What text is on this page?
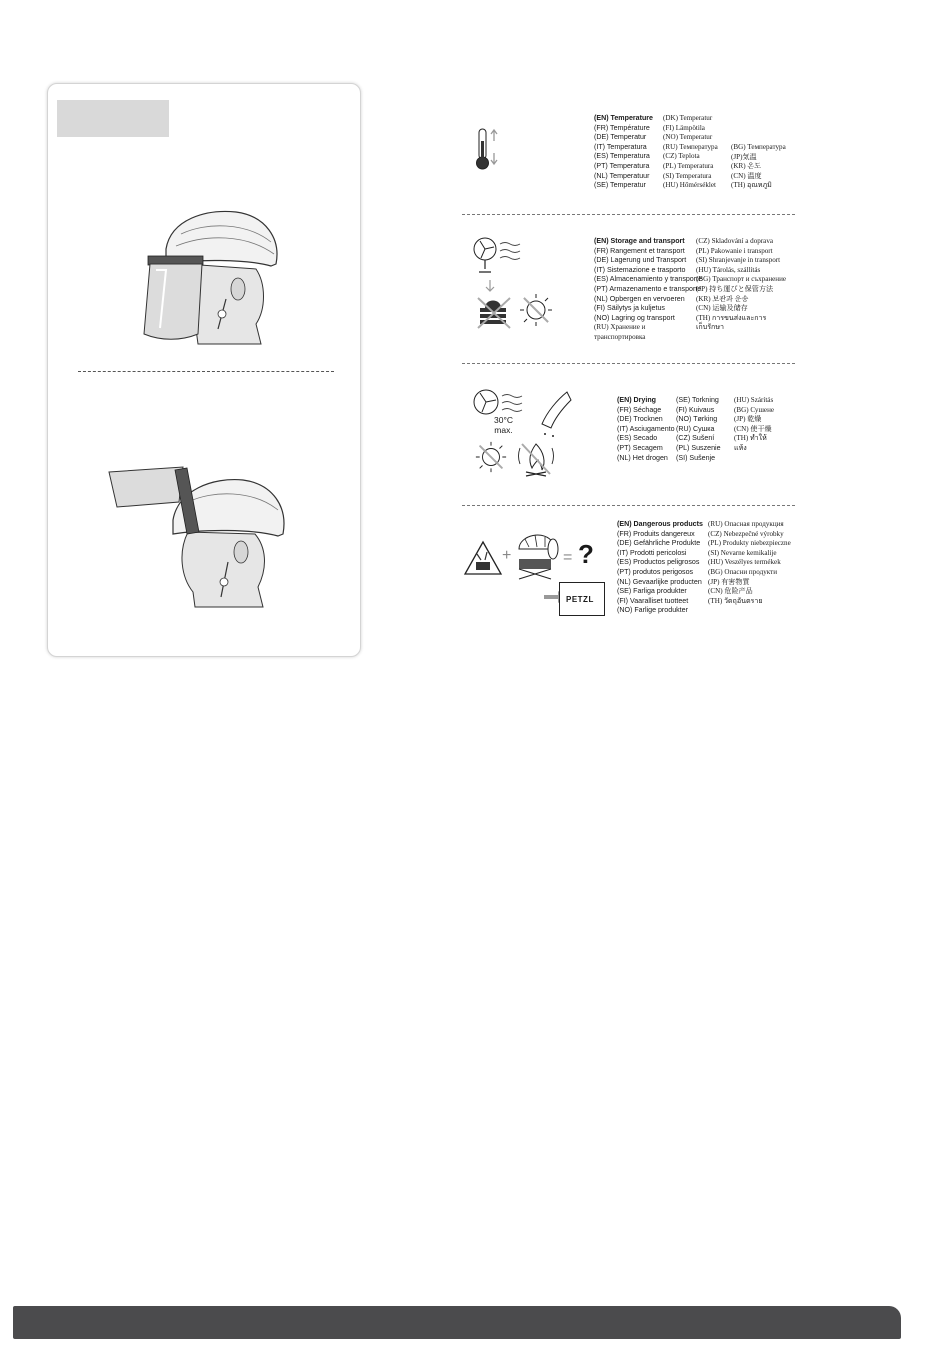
(EN) Temperature
(FR) Température
(DE) Temperatur
(IT) Temperatura
(ES) Temperatura
(PT) Temperatura
(NL) Temperatuur
(SE) Temperatur
(DK) Temperatur
(FI) Lämpötila
(NO) Temperatur
(RU) Температура
(CZ) Teplota
(PL) Temperatura
(SI) Temperatura
(HU) Hőmérséklet
(BG) Температура
(JP)気温
(KR) 온도
(CN) 温度
(TH) อุณหภูมิ
(EN) Storage and transport
(FR) Rangement et transport
(DE) Lagerung und Transport
(IT) Sistemazione e trasporto
(ES) Almacenamiento y transporte
(PT) Armazenamento e transporte
(NL) Opbergen en vervoeren
(FI) Säilytys ja kuljetus
(NO) Lagring og transport
(RU) Хранение и
транспортировка
(CZ) Skladování a doprava
(PL) Pakowanie i transport
(SI) Shranjevanje in transport
(HU) Tárolás, szállítás
(BG) Транспорт и съхранение
(JP) 持ち運びと保管方法
(KR) 보관과 운송
(CN) 运输及储存
(TH) การขนส่งและการ
เก็บรักษา
30°C
max.
(EN) Drying
(FR) Séchage
(DE) Trocknen
(IT) Asciugamento
(ES) Secado
(PT) Secagem
(NL) Het drogen
(SE) Torkning
(FI) Kuivaus
(NO) Tørking
(RU) Сушка
(CZ) Sušení
(PL) Suszenie
(SI) Sušenje
(HU) Szárítás
(BG) Сушене
(JP) 乾燥
(CN) 使干燥
(TH) ทำให้
แห้ง
+	= ?
PETZL
(EN) Dangerous products
(FR) Produits dangereux
(DE) Gefährliche Produkte
(IT) Prodotti pericolosi
(ES) Productos peligrosos
(PT) produtos perigosos
(NL) Gevaarlijke producten
(SE) Farliga produkter
(FI) Vaaralliset tuotteet
(NO) Farlige produkter
(RU) Опасная продукция
(CZ) Nebezpečné výrobky
(PL) Produkty niebezpieczne
(SI) Nevarne kemikalije
(HU) Veszélyes termékek
(BG) Опасни продукти
(JP) 有害物質
(CN) 危险产品
(TH) วัตถุอันตราย
